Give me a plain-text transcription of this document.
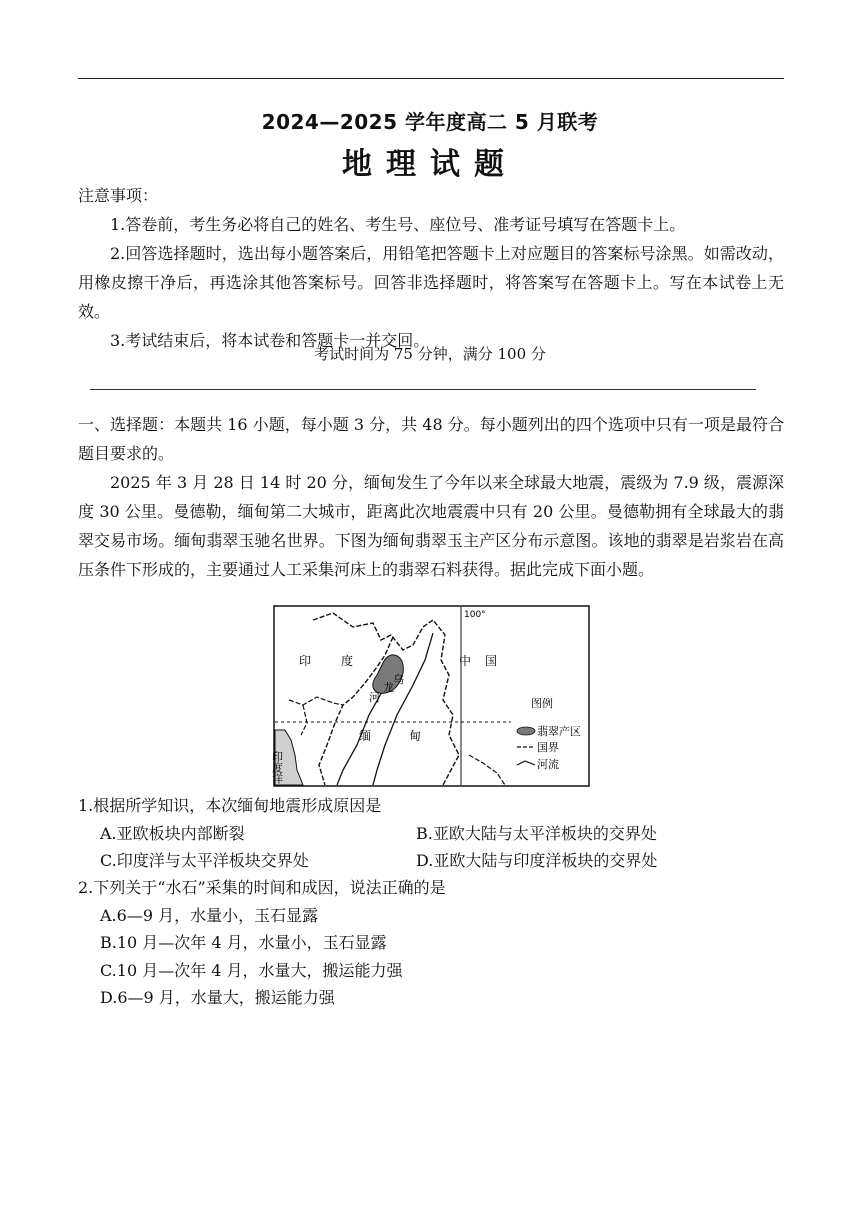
2024—2025 学年度高二 5 月联考
地理试题

注意事项：

1.答卷前，考生务必将自己的姓名、考生号、座位号、准考证号填写在答题卡上。

2.回答选择题时，选出每小题答案后，用铅笔把答题卡上对应题目的答案标号涂黑。如需改动，用橡皮擦干净后，再选涂其他答案标号。回答非选择题时，将答案写在答题卡上。写在本试卷上无效。

3.考试结束后，将本试卷和答题卡一并交回。

考试时间为 75 分钟，满分 100 分

一、选择题：本题共 16 小题，每小题 3 分，共 48 分。每小题列出的四个选项中只有一项是最符合题目要求的。

2025 年 3 月 28 日 14 时 20 分，缅甸发生了今年以来全球最大地震，震级为 7.9 级，震源深度 30 公里。曼德勒，缅甸第二大城市，距离此次地震震中只有 20 公里。曼德勒拥有全球最大的翡翠交易市场。缅甸翡翠玉驰名世界。下图为缅甸翡翠玉主产区分布示意图。该地的翡翠是岩浆岩在高压条件下形成的，主要通过人工采集河床上的翡翠石料获得。据此完成下面小题。

100°
印 度	中 国
乌
龙
河
缅	甸
印度洋
图例
翡翠产区
国界
河流
1.根据所学知识，本次缅甸地震形成原因是
A.亚欧板块内部断裂	B.亚欧大陆与太平洋板块的交界处
C.印度洋与太平洋板块交界处	D.亚欧大陆与印度洋板块的交界处
2.下列关于“水石”采集的时间和成因，说法正确的是
A.6—9 月，水量小，玉石显露
B.10 月—次年 4 月，水量小，玉石显露
C.10 月—次年 4 月，水量大，搬运能力强
D.6—9 月，水量大，搬运能力强
